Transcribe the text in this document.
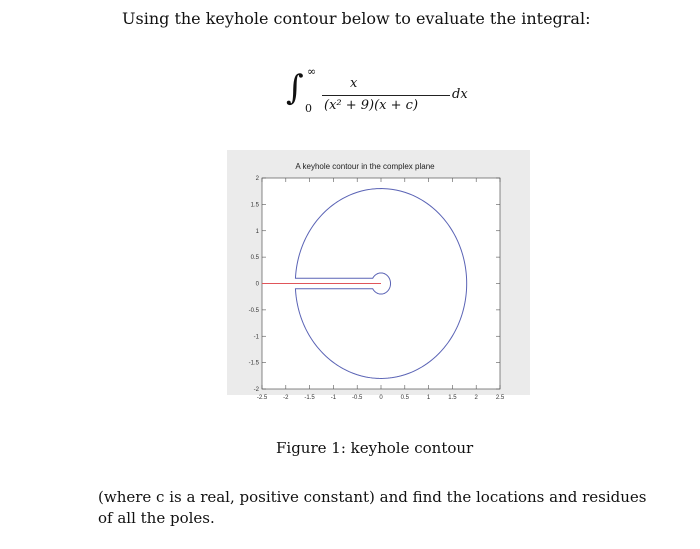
Using the keyhole contour below to evaluate the integral:
∫ ∞
0
x
(x² + 9)(x + c)
dx
A keyhole contour in the complex plane
-2.5	-2	-1.5	-1	-0.5	0	0.5	1	1.5	2	2.5
2
1.5
1
0.5
0
-0.5
-1
-1.5
-2
Figure 1: keyhole contour
(where c is a real, positive constant) and find the locations and residues of all the poles.
